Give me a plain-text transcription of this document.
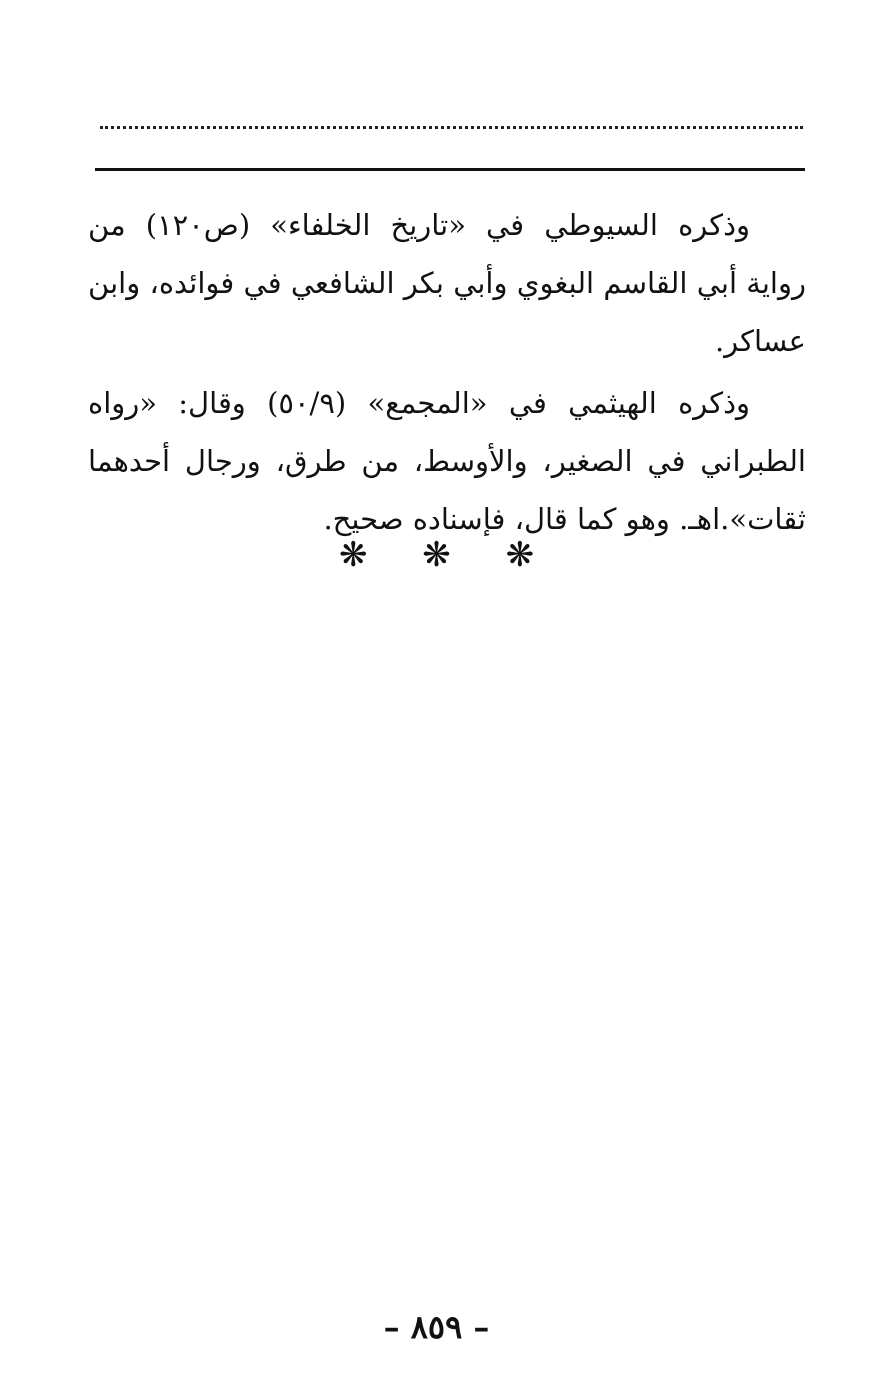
وذكره السيوطي في «تاريخ الخلفاء» (ص١٢٠) من رواية أبي القاسم البغوي وأبي بكر الشافعي في فوائده، وابن عساكر.

وذكره الهيثمي في «المجمع» (٥٠/٩) وقال: «رواه الطبراني في الصغير، والأوسط، من طرق، ورجال أحدهما ثقات».اهـ. وهو كما قال، فإسناده صحيح.

❋ ❋ ❋
– ٨٥٩ –
